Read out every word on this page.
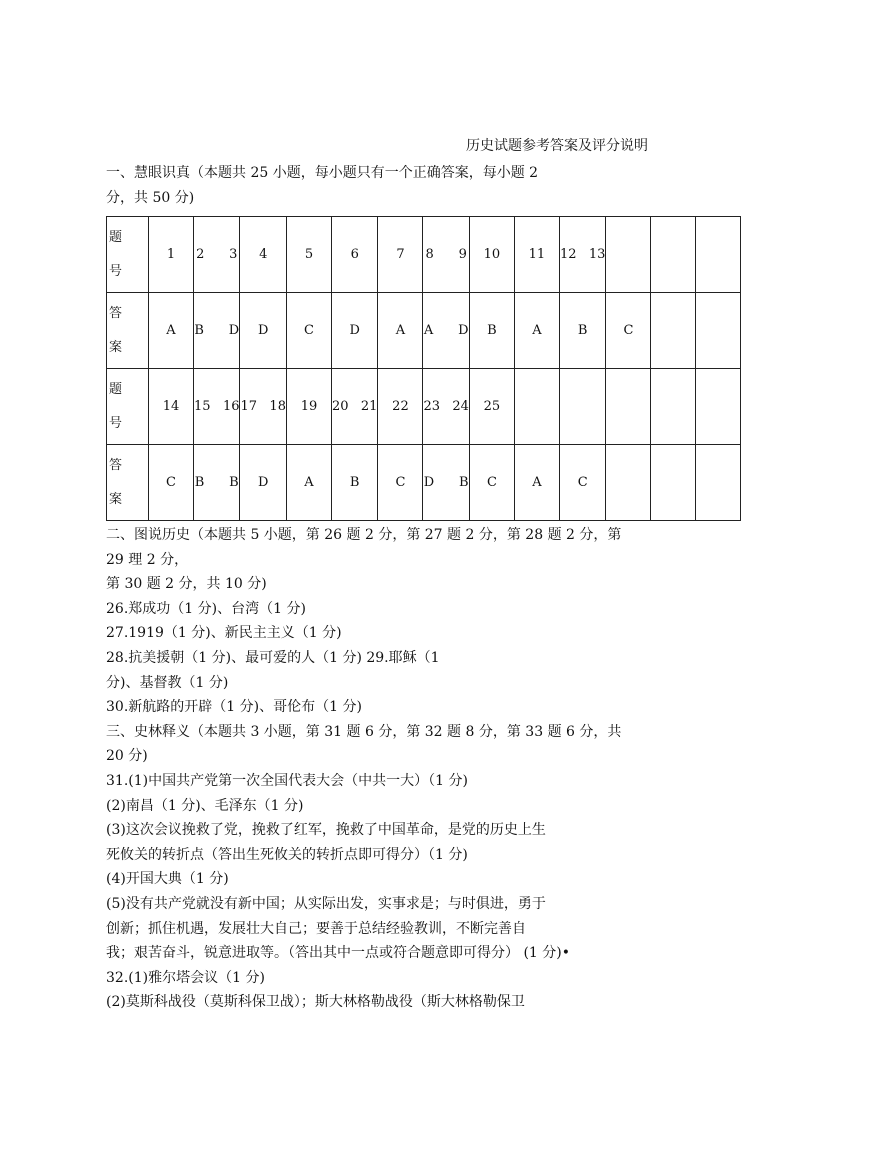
历史试题参考答案及评分说明
一、慧眼识真（本题共 25 小题，每小题只有一个正确答案，每小题 2
分，共 50 分)
题
号	1	2      3	4	5	6	7	8      9	10	11	12   13			

答
案	A	B      D	D	C	D	A	A      D	B	A	B	C		

题
号	14	15   16	17   18	19	20   21	22	23   24	25					

答
案	C	B      B	D	A	B	C	D      B	C	A	C			
二、图说历史（本题共 5 小题，第 26 题 2 分，第 27 题 2 分，第 28 题 2 分，第
29 理 2 分，
第 30 题 2 分，共 10 分)
26.郑成功（1 分)、台湾（1 分)
27.1919（1 分)、新民主主义（1 分)
28.抗美援朝（1 分)、最可爱的人（1 分) 29.耶稣（1
分)、基督教（1 分)
30.新航路的开辟（1 分)、哥伦布（1 分)
三、史林释义（本题共 3 小题，第 31 题 6 分，第 32 题 8 分，第 33 题 6 分，共
20 分)
31.(1)中国共产党第一次全国代表大会（中共一大）（1 分)
(2)南昌（1 分)、毛泽东（1 分)
(3)这次会议挽救了党，挽救了红军，挽救了中国革命，是党的历史上生
死攸关的转折点（答出生死攸关的转折点即可得分）（1 分)
(4)开国大典（1 分)
(5)没有共产党就没有新中国；从实际出发，实事求是；与时俱进，勇于
创新；抓住机遇，发展壮大自己；要善于总结经验教训，不断完善自
我；艰苦奋斗，锐意进取等。（答出其中一点或符合题意即可得分） (1 分)•
32.(1)雅尔塔会议（1 分)
(2)莫斯科战役（莫斯科保卫战）；斯大林格勒战役（斯大林格勒保卫
